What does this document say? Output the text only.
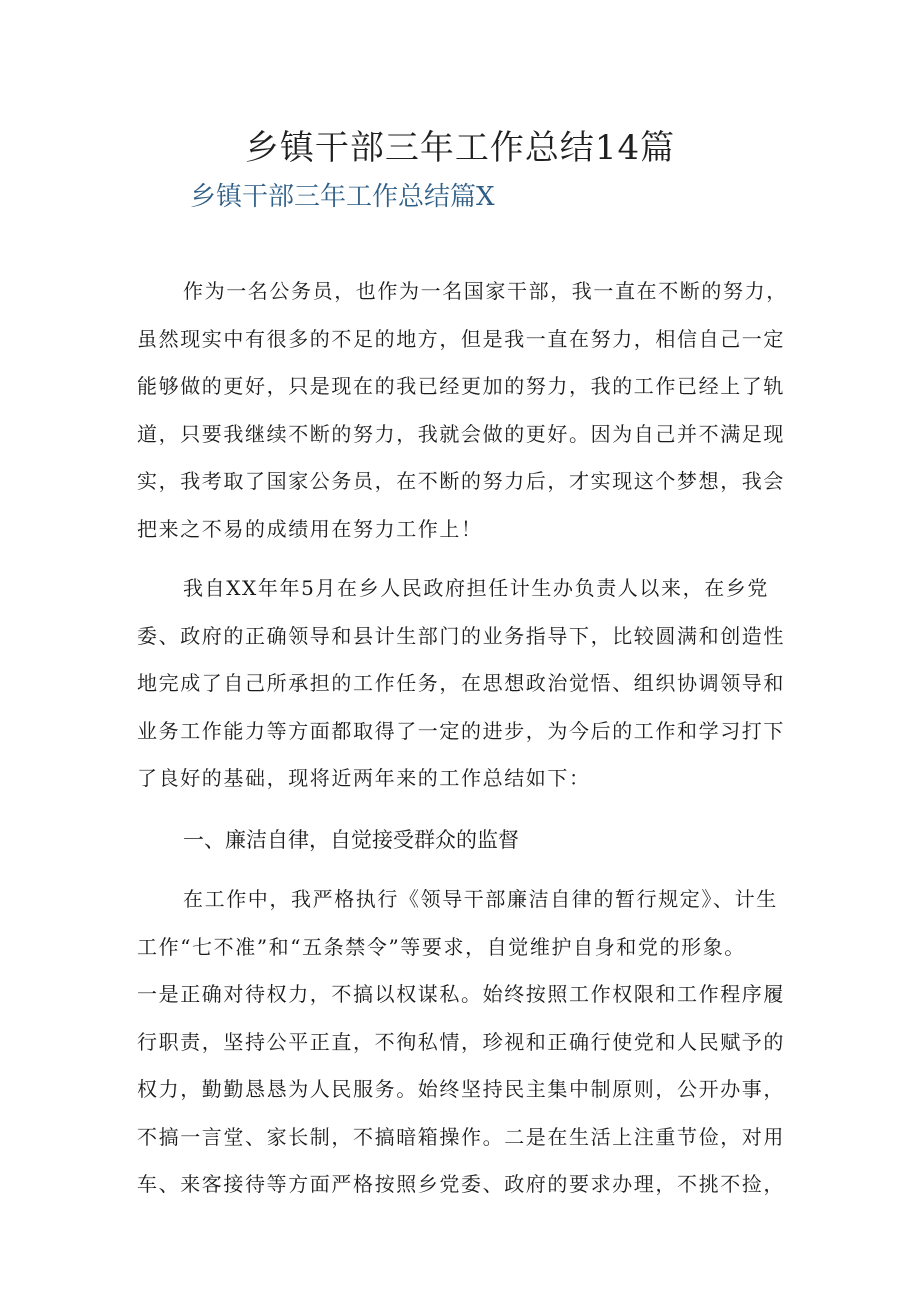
乡镇干部三年工作总结14篇
乡镇干部三年工作总结篇X

作为一名公务员，也作为一名国家干部，我一直在不断的努力，
虽然现实中有很多的不足的地方，但是我一直在努力，相信自己一定
能够做的更好，只是现在的我已经更加的努力，我的工作已经上了轨
道，只要我继续不断的努力，我就会做的更好。因为自己并不满足现
实，我考取了国家公务员，在不断的努力后，才实现这个梦想，我会
把来之不易的成绩用在努力工作上！

我自XX年年5月在乡人民政府担任计生办负责人以来，在乡党
委、政府的正确领导和县计生部门的业务指导下，比较圆满和创造性
地完成了自己所承担的工作任务，在思想政治觉悟、组织协调领导和
业务工作能力等方面都取得了一定的进步，为今后的工作和学习打下
了良好的基础，现将近两年来的工作总结如下：

一、廉洁自律，自觉接受群众的监督

在工作中，我严格执行《领导干部廉洁自律的暂行规定》、计生
工作“七不准”和“五条禁令”等要求，自觉维护自身和党的形象。
一是正确对待权力，不搞以权谋私。始终按照工作权限和工作程序履
行职责，坚持公平正直，不徇私情，珍视和正确行使党和人民赋予的
权力，勤勤恳恳为人民服务。始终坚持民主集中制原则，公开办事，
不搞一言堂、家长制，不搞暗箱操作。二是在生活上注重节俭，对用
车、来客接待等方面严格按照乡党委、政府的要求办理，不挑不捡，
